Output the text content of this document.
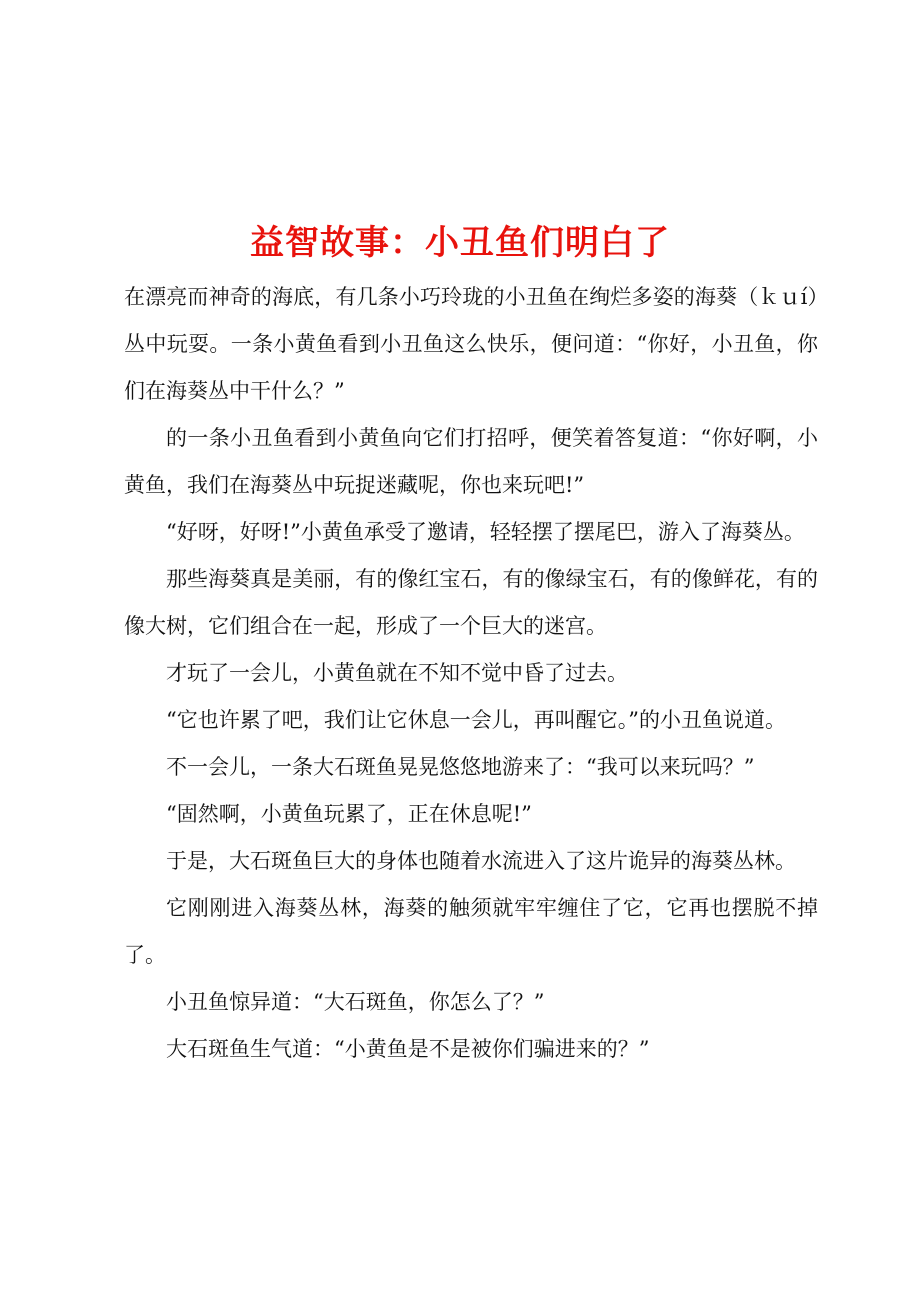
益智故事：小丑鱼们明白了

在漂亮而神奇的海底，有几条小巧玲珑的小丑鱼在绚烂多姿的海葵（ｋｕí）丛中玩耍。一条小黄鱼看到小丑鱼这么快乐，便问道：“你好，小丑鱼，你们在海葵丛中干什么？”

的一条小丑鱼看到小黄鱼向它们打招呼，便笑着答复道：“你好啊，小黄鱼，我们在海葵丛中玩捉迷藏呢，你也来玩吧!”

“好呀，好呀!”小黄鱼承受了邀请，轻轻摆了摆尾巴，游入了海葵丛。

那些海葵真是美丽，有的像红宝石，有的像绿宝石，有的像鲜花，有的像大树，它们组合在一起，形成了一个巨大的迷宫。

才玩了一会儿，小黄鱼就在不知不觉中昏了过去。

“它也许累了吧，我们让它休息一会儿，再叫醒它。”的小丑鱼说道。

不一会儿，一条大石斑鱼晃晃悠悠地游来了：“我可以来玩吗？”

“固然啊，小黄鱼玩累了，正在休息呢!”

于是，大石斑鱼巨大的身体也随着水流进入了这片诡异的海葵丛林。

它刚刚进入海葵丛林，海葵的触须就牢牢缠住了它，它再也摆脱不掉了。

小丑鱼惊异道：“大石斑鱼，你怎么了？”

大石斑鱼生气道：“小黄鱼是不是被你们骗进来的？”
